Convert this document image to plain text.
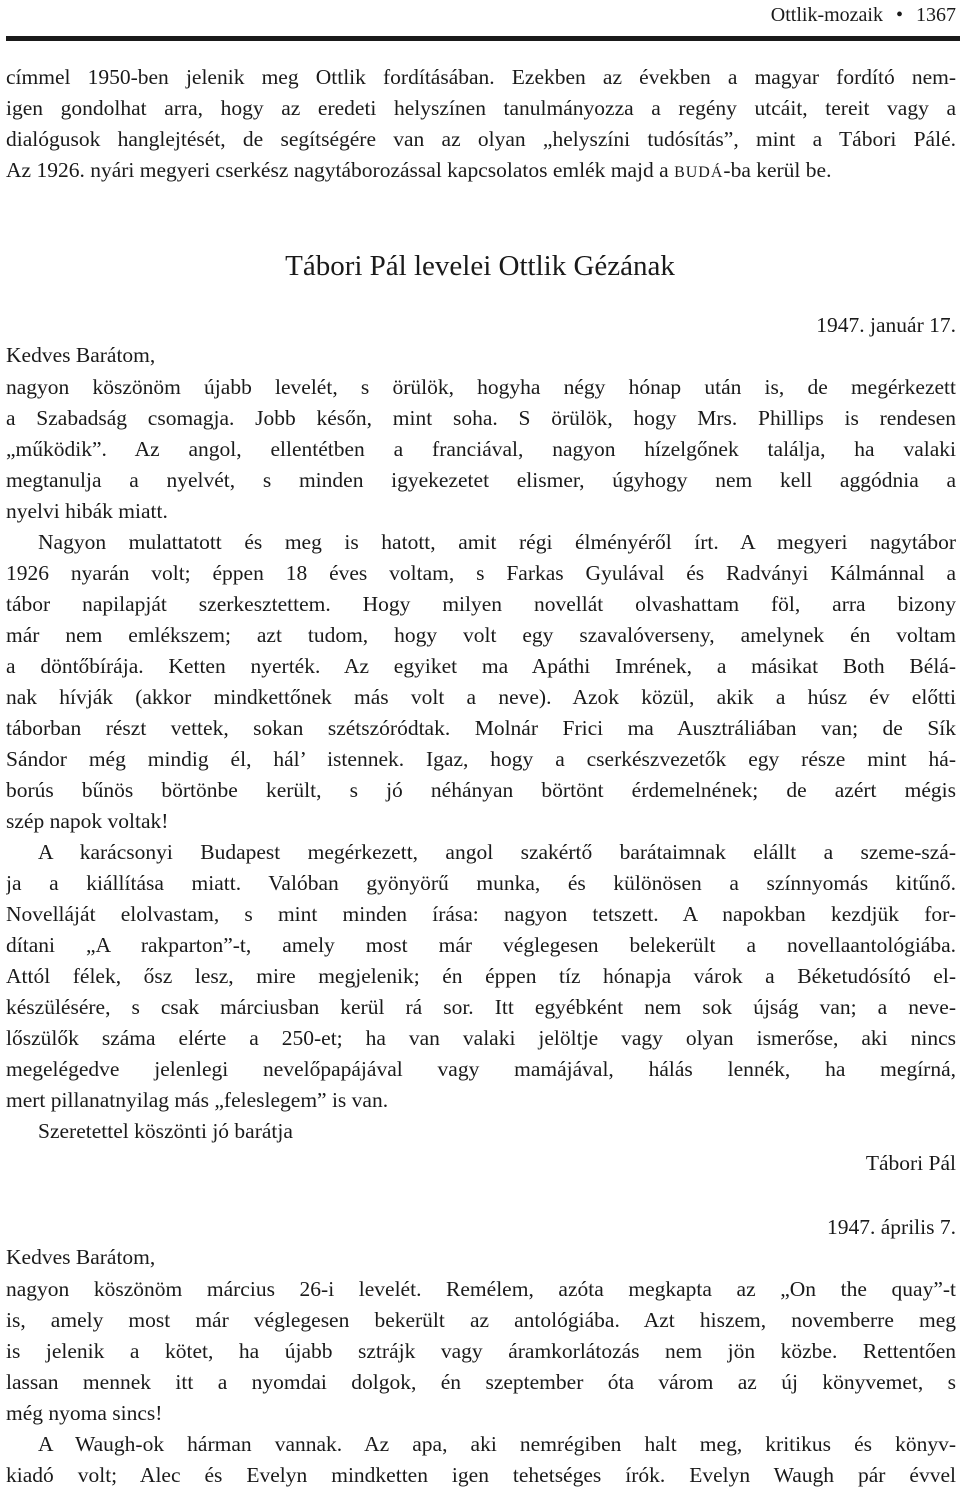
Ottlik-mozaik • 1367
címmel 1950-ben jelenik meg Ottlik fordításában. Ezekben az években a magyar fordító nem-
igen gondolhat arra, hogy az eredeti helyszínen tanulmányozza a regény utcáit, tereit vagy a
dialógusok hanglejtését, de segítségére van az olyan „helyszíni tudósítás”, mint a Tábori Pálé.
Az 1926. nyári megyeri cserkész nagytáborozással kapcsolatos emlék majd a BUDÁ-ba kerül be.
Tábori Pál levelei Ottlik Gézának
1947. január 17.
Kedves Barátom,
nagyon köszönöm újabb levelét, s örülök, hogyha négy hónap után is, de megérkezett
a Szabadság csomagja. Jobb későn, mint soha. S örülök, hogy Mrs. Phillips is rendesen
„működik”. Az angol, ellentétben a franciával, nagyon hízelgőnek találja, ha valaki
megtanulja a nyelvét, s minden igyekezetet elismer, úgyhogy nem kell aggódnia a
nyelvi hibák miatt.
Nagyon mulattatott és meg is hatott, amit régi élményéről írt. A megyeri nagytábor
1926 nyarán volt; éppen 18 éves voltam, s Farkas Gyulával és Radványi Kálmánnal a
tábor napilapját szerkesztettem. Hogy milyen novellát olvashattam föl, arra bizony
már nem emlékszem; azt tudom, hogy volt egy szavalóverseny, amelynek én voltam
a döntőbírája. Ketten nyerték. Az egyiket ma Apáthi Imrének, a másikat Both Bélá-
nak hívják (akkor mindkettőnek más volt a neve). Azok közül, akik a húsz év előtti
táborban részt vettek, sokan szétszóródtak. Molnár Frici ma Ausztráliában van; de Sík
Sándor még mindig él, hál’ istennek. Igaz, hogy a cserkészvezetők egy része mint há-
borús bűnös börtönbe került, s jó néhányan börtönt érdemelnének; de azért mégis
szép napok voltak!
A karácsonyi Budapest megérkezett, angol szakértő barátaimnak elállt a szeme-szá-
ja a kiállítása miatt. Valóban gyönyörű munka, és különösen a színnyomás kitűnő.
Novelláját elolvastam, s mint minden írása: nagyon tetszett. A napokban kezdjük for-
dítani „A rakparton”-t, amely most már véglegesen belekerült a novellaantológiába.
Attól félek, ősz lesz, mire megjelenik; én éppen tíz hónapja várok a Béketudósító el-
készülésére, s csak márciusban kerül rá sor. Itt egyébként nem sok újság van; a neve-
lőszülők száma elérte a 250-et; ha van valaki jelöltje vagy olyan ismerőse, aki nincs
megelégedve jelenlegi nevelőpapájával vagy mamájával, hálás lennék, ha megírná,
mert pillanatnyilag más „feleslegem” is van.
Szeretettel köszönti jó barátja
Tábori Pál
1947. április 7.
Kedves Barátom,
nagyon köszönöm március 26-i levelét. Remélem, azóta megkapta az „On the quay”-t
is, amely most már véglegesen bekerült az antológiába. Azt hiszem, novemberre meg
is jelenik a kötet, ha újabb sztrájk vagy áramkorlátozás nem jön közbe. Rettentően
lassan mennek itt a nyomdai dolgok, én szeptember óta várom az új könyvemet, s
még nyoma sincs!
A Waugh-ok hárman vannak. Az apa, aki nemrégiben halt meg, kritikus és könyv-
kiadó volt; Alec és Evelyn mindketten igen tehetséges írók. Evelyn Waugh pár évvel
